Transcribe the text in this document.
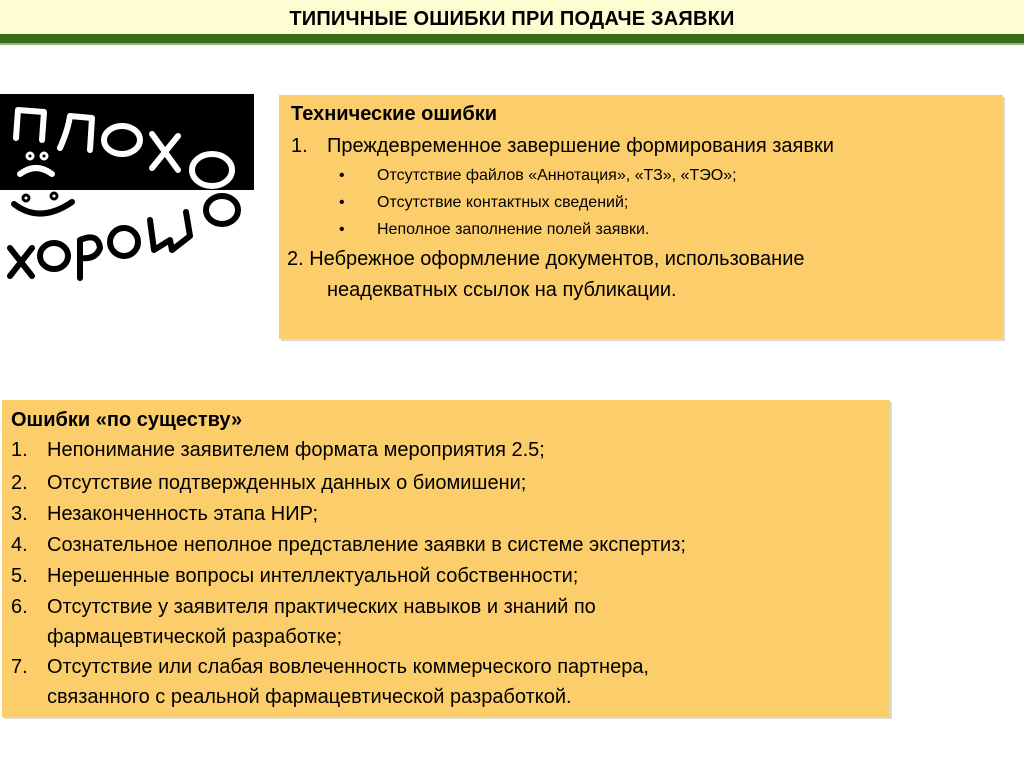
ТИПИЧНЫЕ ОШИБКИ ПРИ ПОДАЧЕ ЗАЯВКИ
Технические ошибки
1. Преждевременное завершение формирования заявки
• Отсутствие файлов «Аннотация», «ТЗ», «ТЭО»;
• Отсутствие контактных сведений;
• Неполное заполнение полей заявки.
2. Небрежное оформление документов, использование
неадекватных ссылок на публикации.
Ошибки «по существу»
1. Непонимание заявителем формата мероприятия 2.5;
2. Отсутствие подтвержденных данных о биомишени;
3. Незаконченность этапа НИР;
4. Сознательное неполное представление заявки в системе экспертиз;
5. Нерешенные вопросы интеллектуальной собственности;
6. Отсутствие у заявителя практических навыков и знаний по
фармацевтической разработке;
7. Отсутствие или слабая вовлеченность коммерческого партнера,
связанного с реальной фармацевтической разработкой.
